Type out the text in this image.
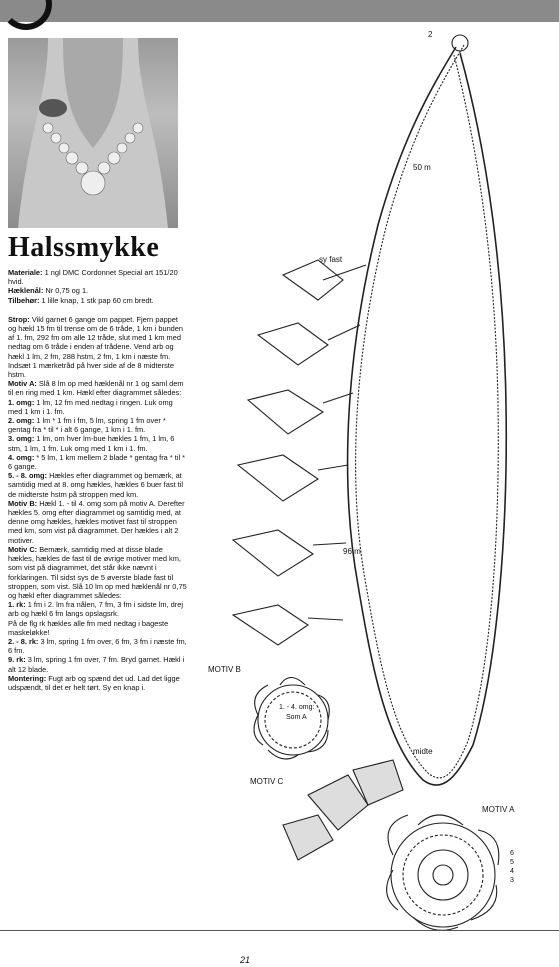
Halssmykke

Materiale: 1 ngl DMC Cordonnet Special art 151/20 hvid.
Hæklenål: Nr 0,75 og 1.
Tilbehør: 1 lille knap, 1 stk pap 60 cm bredt.

Strop: Vikl garnet 6 gange om pappet. Fjern pappet og hækl 15 fm til trense om de 6 tråde, 1 km i bunden af 1. fm, 292 fm om alle 12 tråde, slut med 1 km med nedtag om 6 tråde i enden af trådene. Vend arb og hækl 1 lm, 2 fm, 288 hstm, 2 fm, 1 km i næste fm. Indsæt 1 mærketråd på hver side af de 8 midterste hstm.
Motiv A: Slå 8 lm op med hæklenål nr 1 og saml dem til en ring med 1 km. Hækl efter diagrammet således:
1. omg: 1 lm, 12 fm med nedtag i ringen. Luk omg med 1 km i 1. fm.
2. omg: 1 lm * 1 fm i fm, 5 lm, spring 1 fm over * gentag fra * til * i alt 6 gange, 1 km i 1. fm.
3. omg: 1 lm, om hver lm-bue hækles 1 fm, 1 lm, 6 stm, 1 lm, 1 fm. Luk omg med 1 km i 1. fm.
4. omg: * 5 lm, 1 km mellem 2 blade * gentag fra * til * 6 gange.
5. - 8. omg: Hækles efter diagrammet og bemærk, at samtidig med at 8. omg hækles, hækles 6 buer fast til de midterste hstm på stroppen med km.
Motiv B: Hækl 1. - til 4. omg som på motiv A. Derefter hækles 5. omg efter diagrammet og samtidig med, at denne omg hækles, hækles motivet fast til stroppen med km, som vist på diagrammet. Der hækles i alt 2 motiver.
Motiv C: Bemærk, samtidig med at disse blade hækles, hækles de fast til de øvrige motiver med km, som vist på diagrammet, det står ikke nævnt i forklaringen. Til sidst sys de 5 øverste blade fast til stroppen, som vist. Slå 10 lm op med hæklenål nr 0,75 og hækl efter diagrammet således:
1. rk: 1 fm i 2. lm fra nålen, 7 fm, 3 fm i sidste lm, drej arb og hækl 6 fm langs opslagsrk.
På de flg rk hækles alle fm med nedtag i bageste maskeløkke!
2. - 8. rk: 3 lm, spring 1 fm over, 6 fm, 3 fm i næste fm, 6 fm.
9. rk: 3 lm, spring 1 fm over, 7 fm. Bryd garnet. Hækl i alt 12 blade.
Montering: Fugt arb og spænd det ud. Lad det ligge udspændt, til det er helt tørt. Sy en knap i.

2
50 m
sy fast
96 m
MOTIV B
1. - 4. omg:
Som A
midte
MOTIV C
MOTIV A
6
5
4
3
21
